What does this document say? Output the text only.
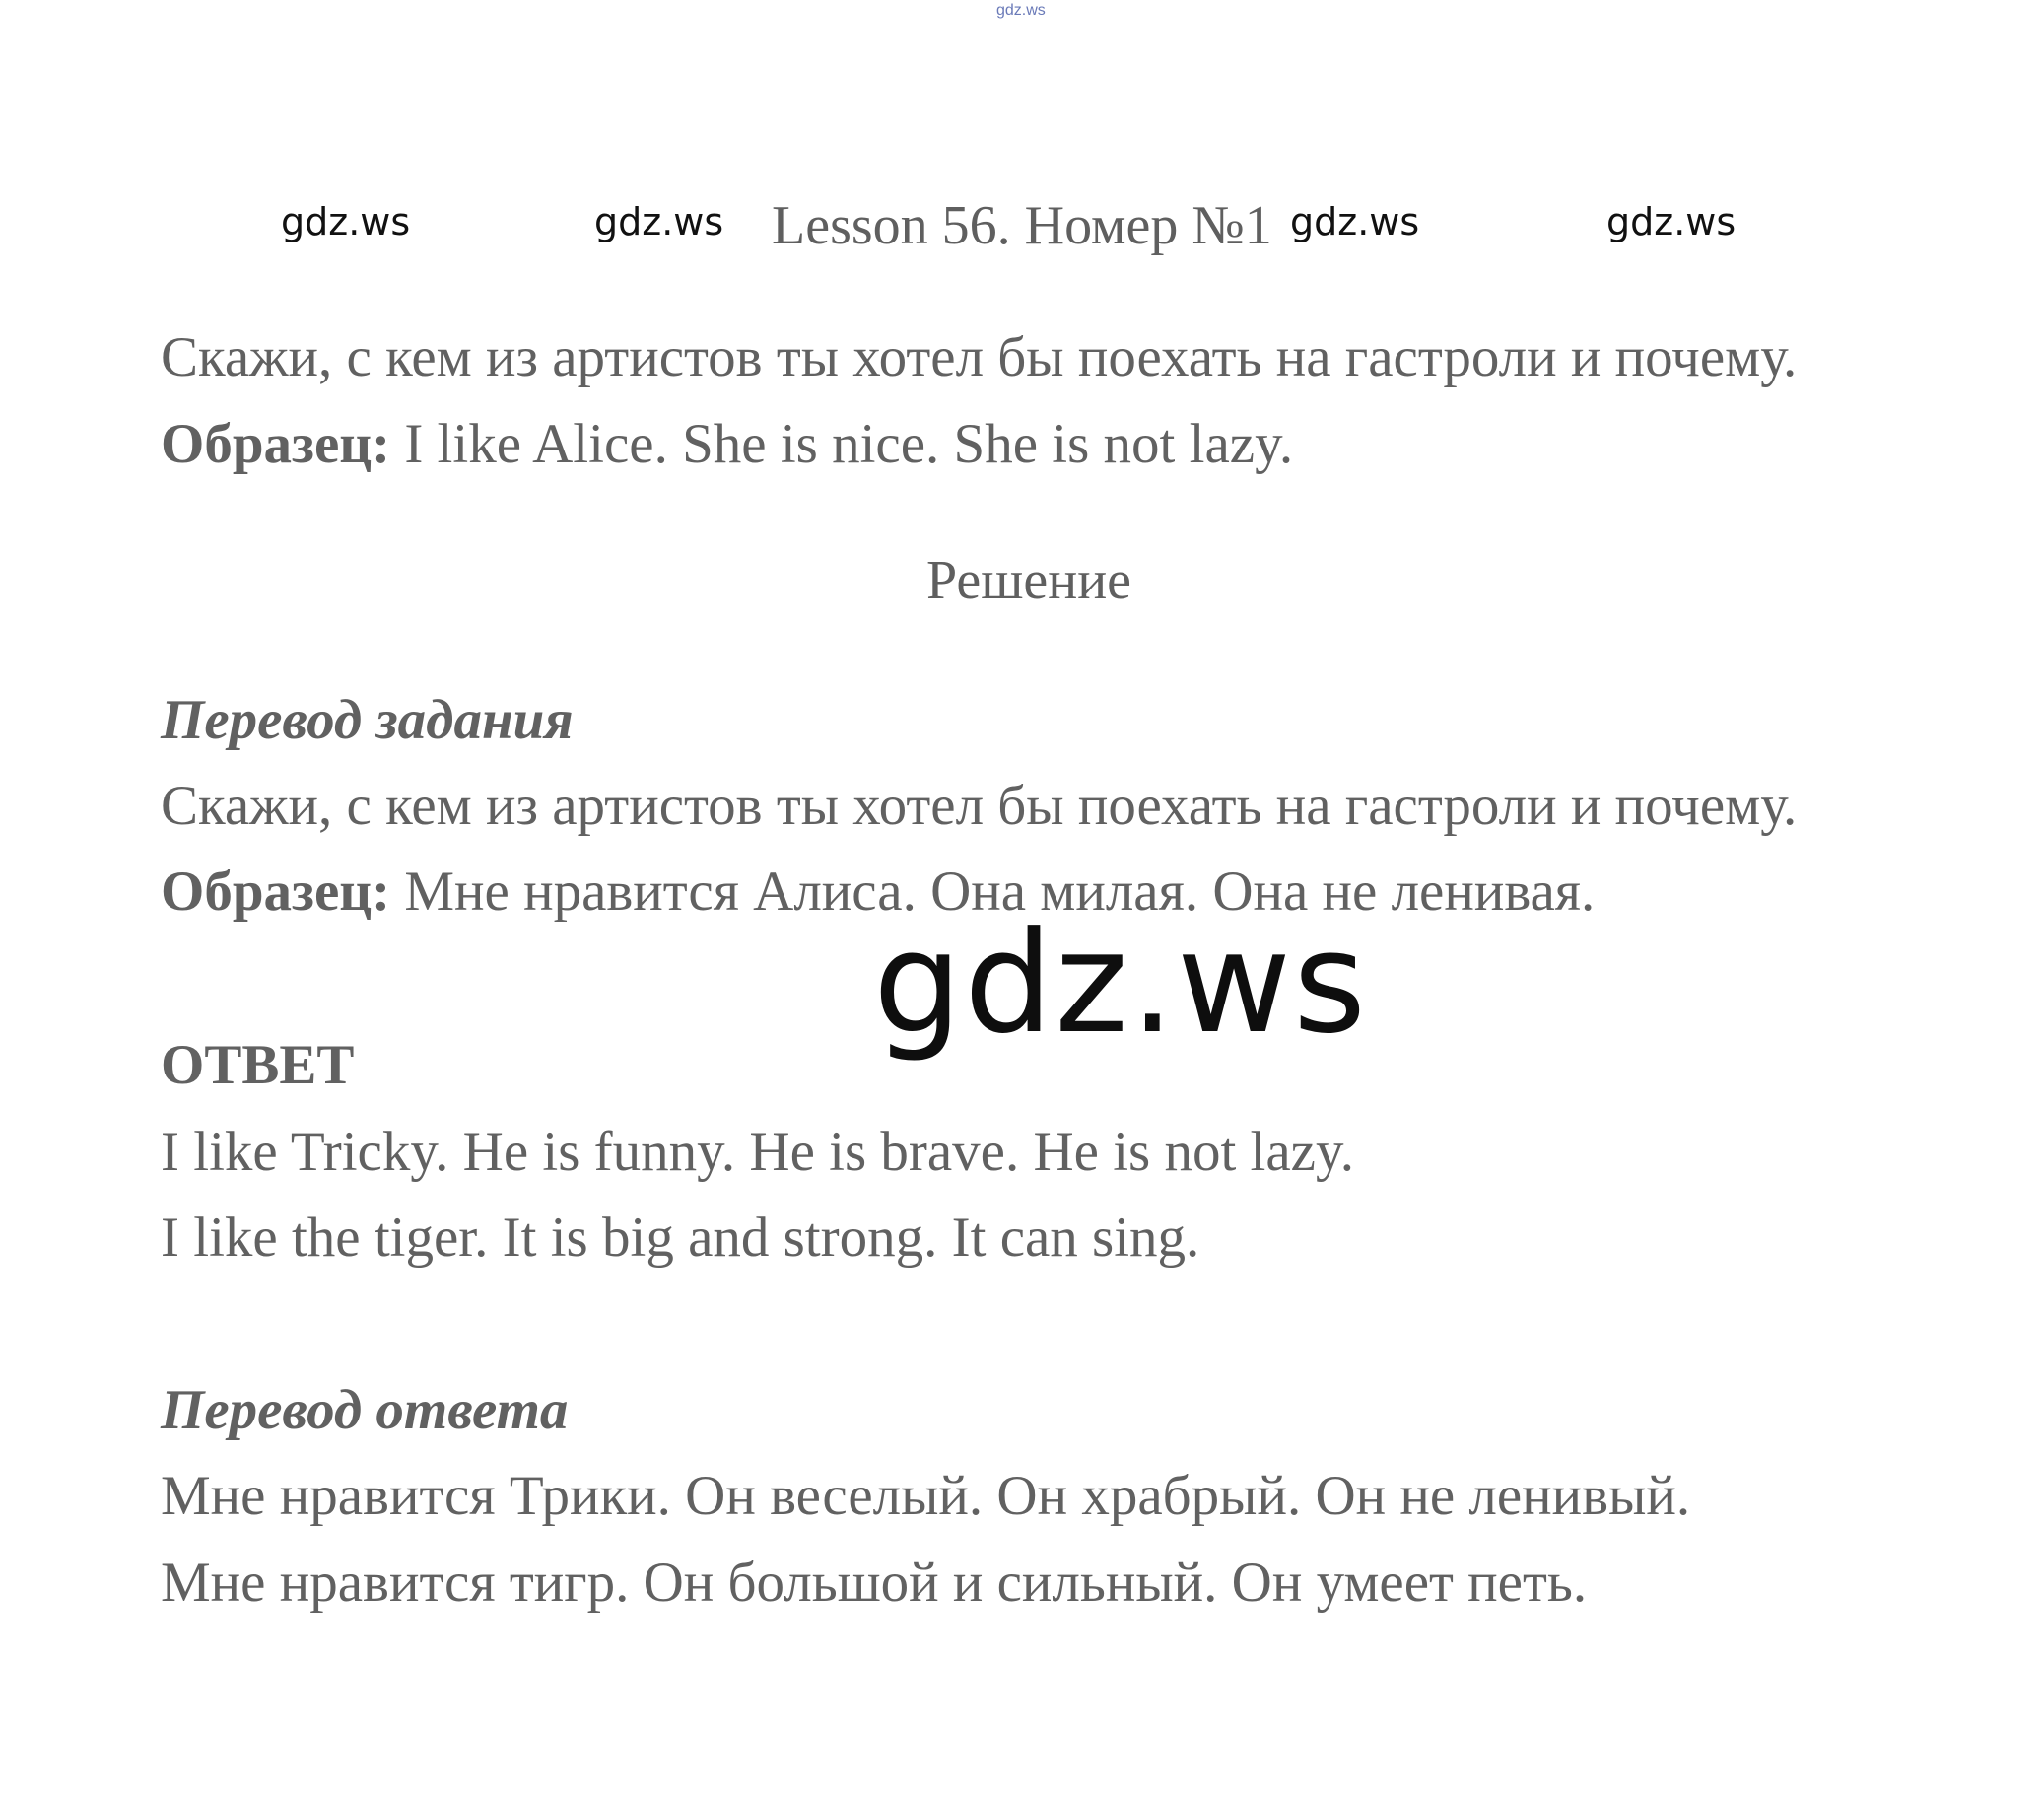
gdz.ws
Lesson 56. Номер №1
gdz.ws	gdz.ws	gdz.ws	gdz.ws
Скажи, с кем из артистов ты хотел бы поехать на гастроли и почему.
Образец: I like Alice. She is nice. She is not lazy.
Решение
Перевод задания
Скажи, с кем из артистов ты хотел бы поехать на гастроли и почему.
Образец: Мне нравится Алиса. Она милая. Она не ленивая.
gdz.ws
ОТВЕТ
I like Tricky. He is funny. He is brave. He is not lazy.
I like the tiger. It is big and strong. It can sing.
Перевод ответа
Мне нравится Трики. Он веселый. Он храбрый. Он не ленивый.
Мне нравится тигр. Он большой и сильный. Он умеет петь.
